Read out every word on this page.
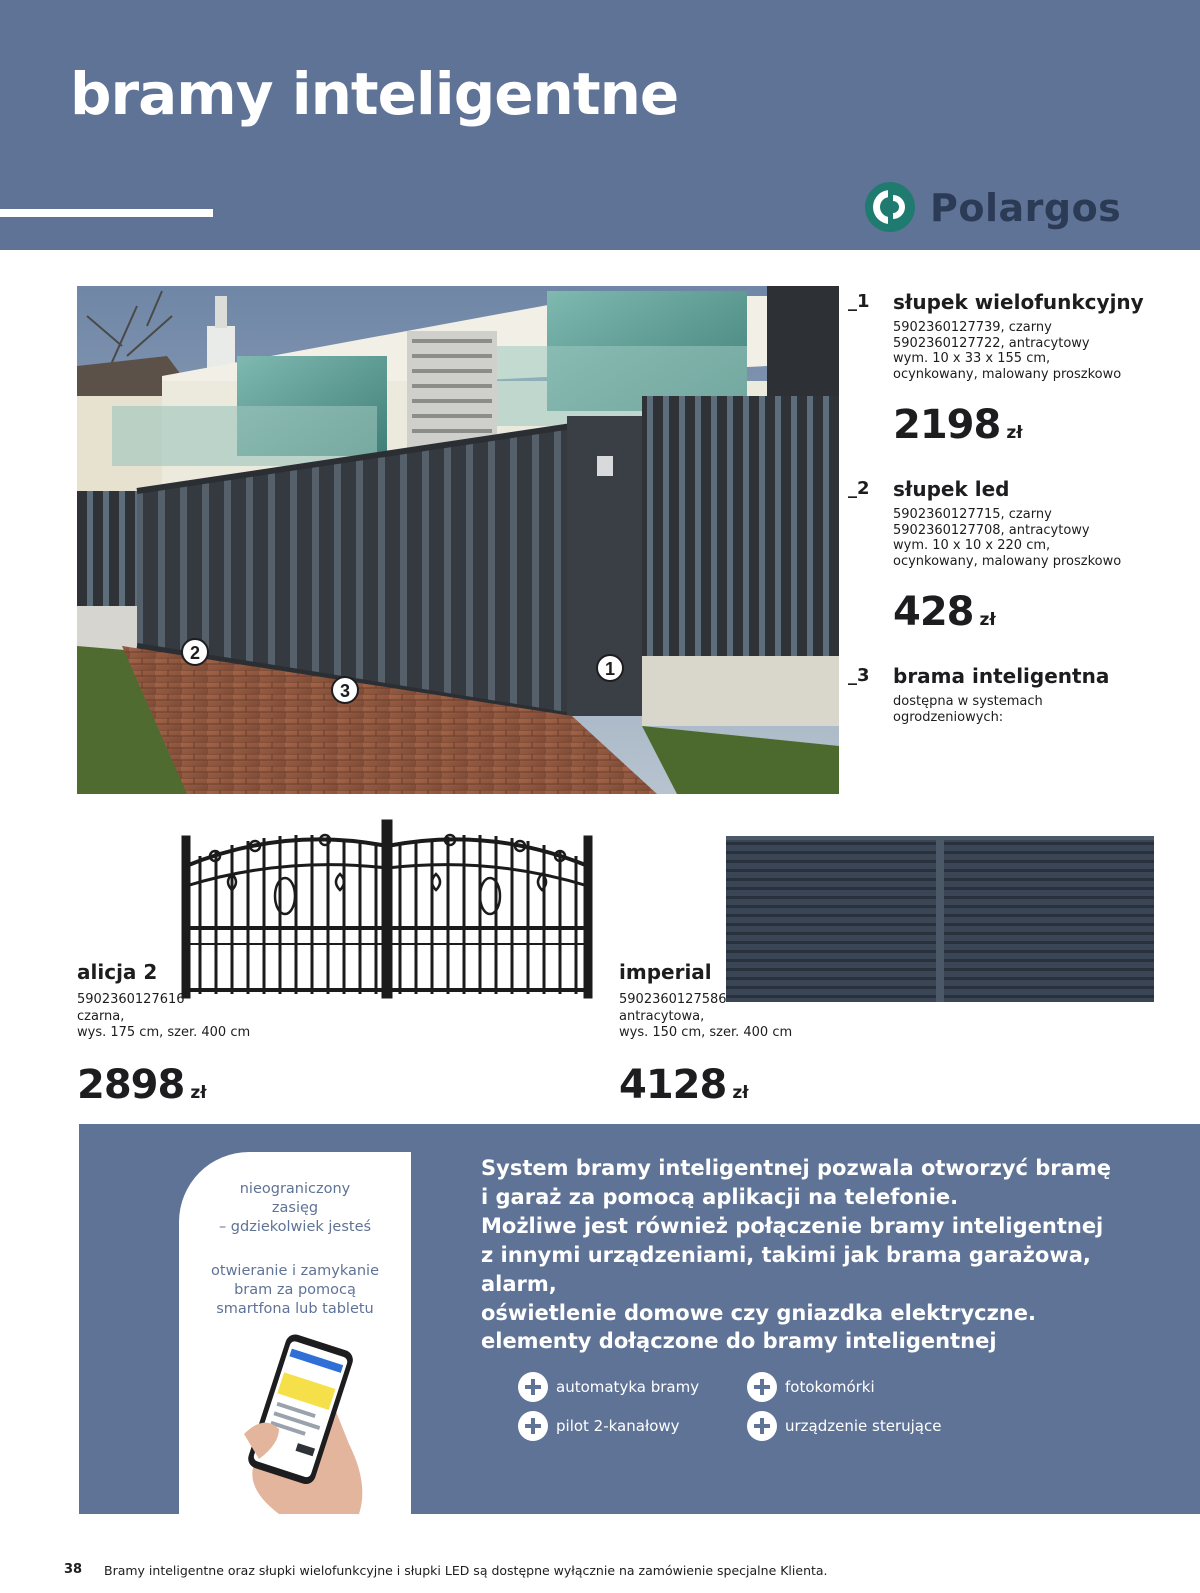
bramy inteligentne
Polargos
1
2
3
_1 słupek wielofunkcyjny
5902360127739, czarny
5902360127722, antracytowy
wym. 10 x 33 x 155 cm,
ocynkowany, malowany proszkowo
2198 zł
_2 słupek led
5902360127715, czarny
5902360127708, antracytowy
wym. 10 x 10 x 220 cm,
ocynkowany, malowany proszkowo
428 zł
_3 brama inteligentna
dostępna w systemach
ogrodzeniowych:
alicja 2
5902360127616
czarna,
wys. 175 cm, szer. 400 cm
2898 zł
imperial
5902360127586
antracytowa,
wys. 150 cm, szer. 400 cm
4128 zł
nieograniczony
zasięg
– gdziekolwiek jesteś
otwieranie i zamykanie
bram za pomocą
smartfona lub tabletu
System bramy inteligentnej pozwala otworzyć bramę
i garaż za pomocą aplikacji na telefonie.
Możliwe jest również połączenie bramy inteligentnej
z innymi urządzeniami, takimi jak brama garażowa, alarm,
oświetlenie domowe czy gniazdka elektryczne.
elementy dołączone do bramy inteligentnej
automatyka bramy	fotokomórki
pilot 2-kanałowy	urządzenie sterujące
38 Bramy inteligentne oraz słupki wielofunkcyjne i słupki LED są dostępne wyłącznie na zamówienie specjalne Klienta.
